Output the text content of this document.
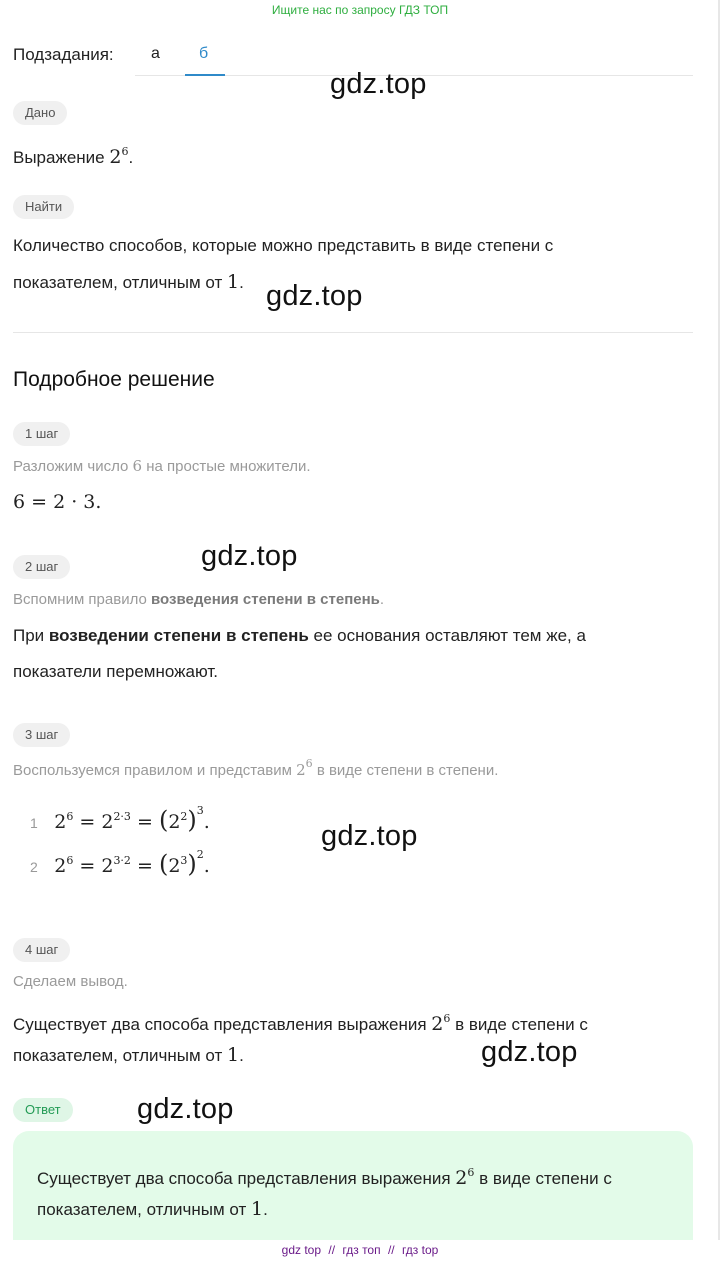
Ищите нас по запросу ГДЗ ТОП
Подзадания: а б
gdz.top
gdz.top
gdz.top
gdz.top
gdz.top
gdz.top
Дано
Выражение $2^6$.
Найти
Количество способов, которые можно представить в виде степени с
показателем, отличным от 1.
Подробное решение
1 шаг
Разложим число 6 на простые множители.
6 = 2 · 3.
2 шаг
Вспомним правило возведения степени в степень.
При возведении степени в степень ее основания оставляют тем же, а
показатели перемножают.
3 шаг
Воспользуемся правилом и представим $2^6$ в виде степени в степени.
1 $2^6 = 2^{2\cdot 3} = (2^2)^3$.
2 $2^6 = 2^{3\cdot 2} = (2^3)^2$.
4 шаг
Сделаем вывод.
Существует два способа представления выражения $2^6$ в виде степени с
показателем, отличным от 1.
Ответ
Существует два способа представления выражения $2^6$ в виде степени с
показателем, отличным от 1.
gdz top // гдз топ // гдз top
